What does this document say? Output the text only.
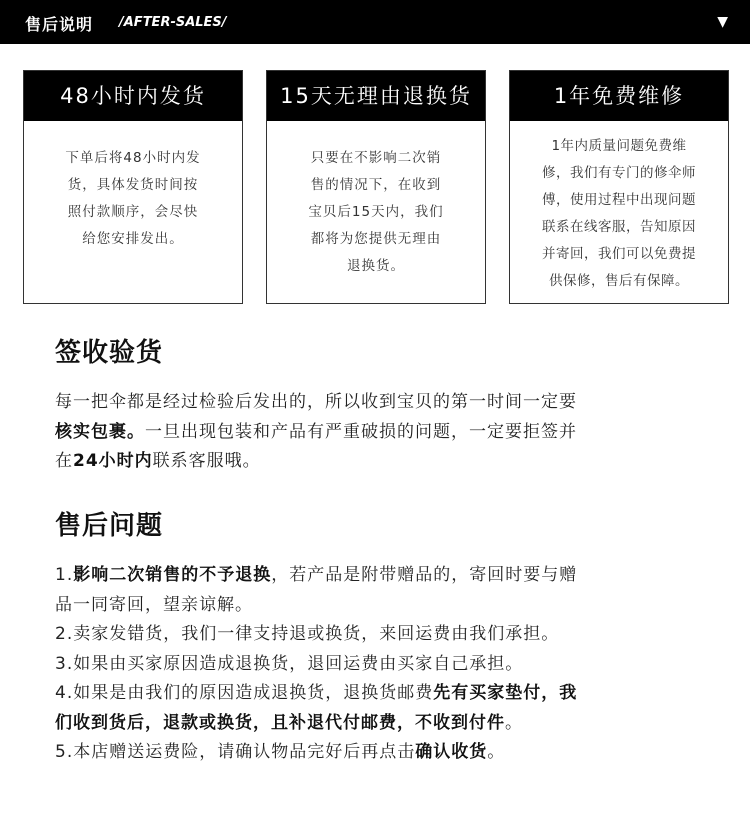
售后说明 /AFTER-SALES/	▼
48小时内发货
下单后将48小时内发
货，具体发货时间按
照付款顺序，会尽快
给您安排发出。
15天无理由退换货
只要在不影响二次销
售的情况下，在收到
宝贝后15天内，我们
都将为您提供无理由
退换货。
1年免费维修
1年内质量问题免费维
修，我们有专门的修伞师
傅，使用过程中出现问题
联系在线客服，告知原因
并寄回，我们可以免费提
供保修，售后有保障。
签收验货
每一把伞都是经过检验后发出的，所以收到宝贝的第一时间一定要
核实包裹。一旦出现包装和产品有严重破损的问题，一定要拒签并
在24小时内联系客服哦。
售后问题
1.影响二次销售的不予退换，若产品是附带赠品的，寄回时要与赠
品一同寄回，望亲谅解。
2.卖家发错货，我们一律支持退或换货，来回运费由我们承担。
3.如果由买家原因造成退换货，退回运费由买家自己承担。
4.如果是由我们的原因造成退换货，退换货邮费先有买家垫付，我
们收到货后，退款或换货，且补退代付邮费，不收到付件。
5.本店赠送运费险，请确认物品完好后再点击确认收货。
